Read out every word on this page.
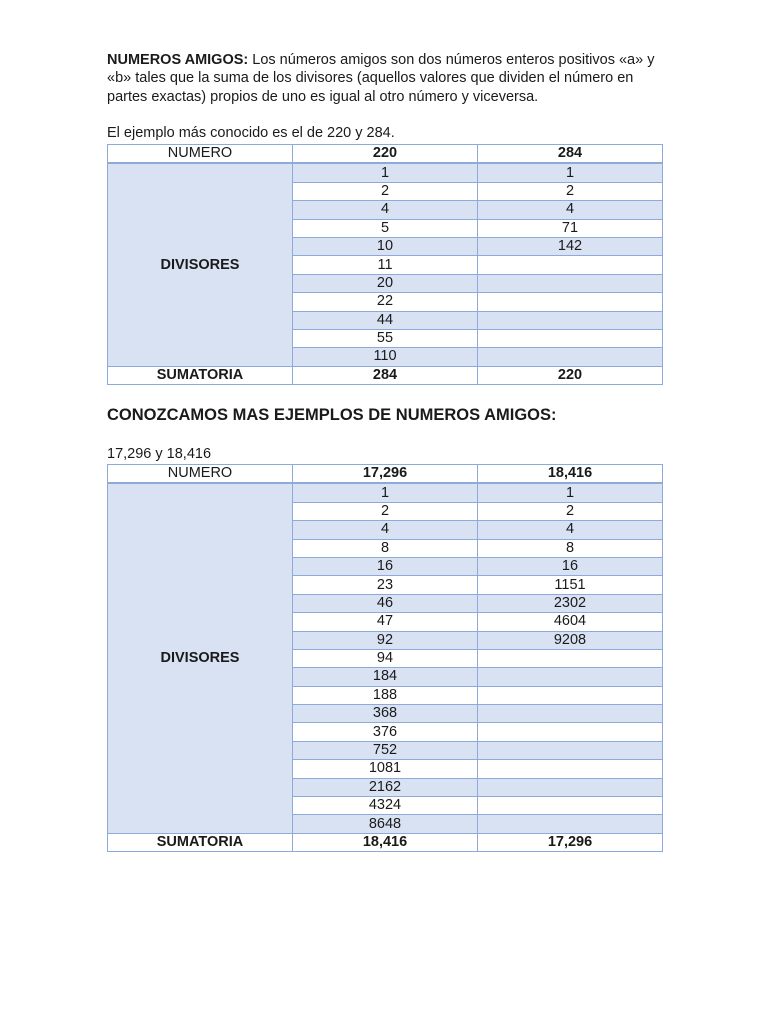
NUMEROS AMIGOS: Los números amigos son dos números enteros positivos «a» y «b» tales que la suma de los divisores (aquellos valores que dividen el número en partes exactas) propios de uno es igual al otro número y viceversa.
El ejemplo más conocido es el de 220 y 284.
NUMERO	220	284
DIVISORES	1	1
	2	2
	4	4
	5	71
	10	142
	11	
	20	
	22	
	44	
	55	
	110	
SUMATORIA	284	220
CONOZCAMOS MAS EJEMPLOS DE NUMEROS AMIGOS:
17,296 y 18,416
NUMERO	17,296	18,416
DIVISORES	1	1
	2	2
	4	4
	8	8
	16	16
	23	1151
	46	2302
	47	4604
	92	9208
	94	
	184	
	188	
	368	
	376	
	752	
	1081	
	2162	
	4324	
	8648	
SUMATORIA	18,416	17,296
